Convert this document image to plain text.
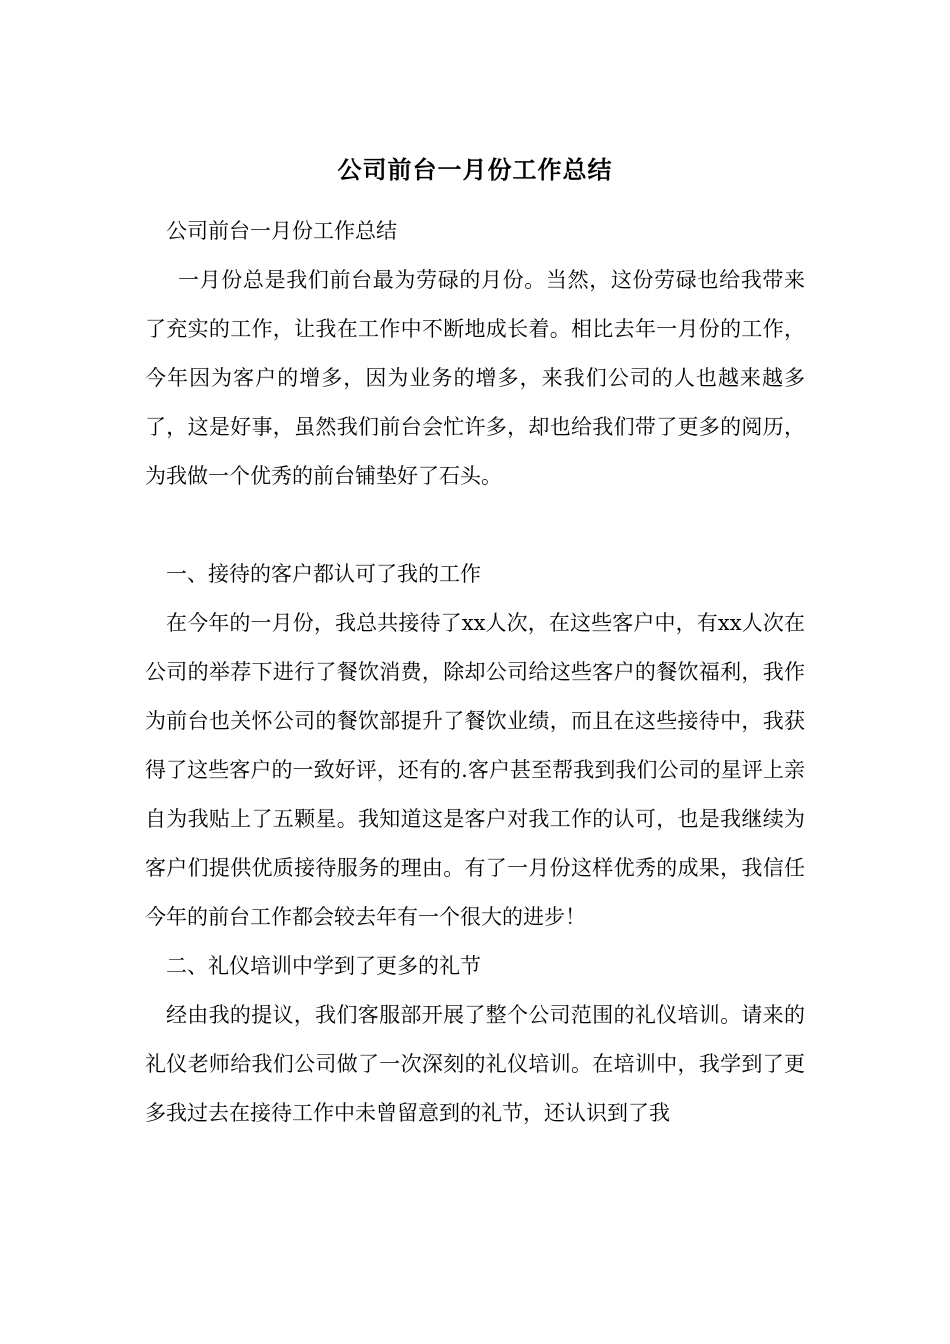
公司前台一月份工作总结

公司前台一月份工作总结

一月份总是我们前台最为劳碌的月份。当然，这份劳碌也给我带来了充实的工作，让我在工作中不断地成长着。相比去年一月份的工作，今年因为客户的增多，因为业务的增多，来我们公司的人也越来越多了，这是好事，虽然我们前台会忙许多，却也给我们带了更多的阅历，为我做一个优秀的前台铺垫好了石头。

一、接待的客户都认可了我的工作

在今年的一月份，我总共接待了xx人次，在这些客户中，有xx人次在公司的举荐下进行了餐饮消费，除却公司给这些客户的餐饮福利，我作为前台也关怀公司的餐饮部提升了餐饮业绩，而且在这些接待中，我获得了这些客户的一致好评，还有的.客户甚至帮我到我们公司的星评上亲自为我贴上了五颗星。我知道这是客户对我工作的认可，也是我继续为客户们提供优质接待服务的理由。有了一月份这样优秀的成果，我信任今年的前台工作都会较去年有一个很大的进步！

二、礼仪培训中学到了更多的礼节

经由我的提议，我们客服部开展了整个公司范围的礼仪培训。请来的礼仪老师给我们公司做了一次深刻的礼仪培训。在培训中，我学到了更多我过去在接待工作中未曾留意到的礼节，还认识到了我
